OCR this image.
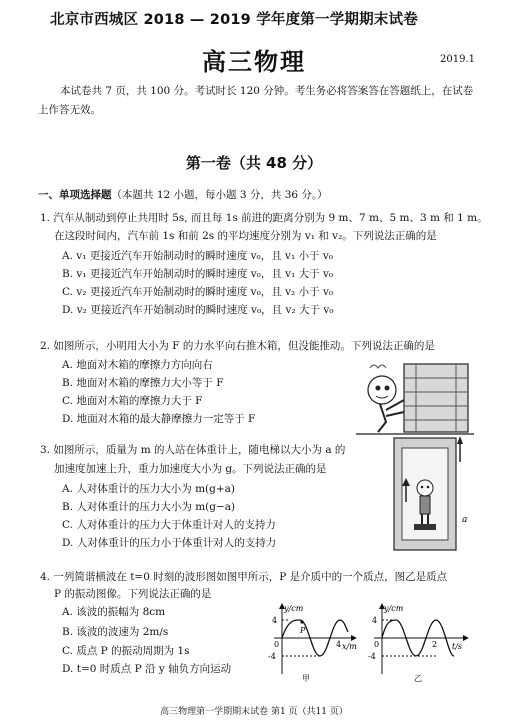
北京市西城区 2018 — 2019 学年度第一学期期末试卷
高三物理	2019.1
本试卷共 7 页，共 100 分。考试时长 120 分钟。考生务必将答案答在答题纸上，在试卷上作答无效。
第一卷（共 48 分）
一、单项选择题（本题共 12 小题，每小题 3 分，共 36 分。）
1. 汽车从制动到停止共用时 5s, 而且每 1s 前进的距离分别为 9 m、7 m、5 m、3 m 和 1 m。
在这段时间内，汽车前 1s 和前 2s 的平均速度分别为 v₁ 和 v₂。下列说法正确的是
A. v₁ 更接近汽车开始制动时的瞬时速度 v₀，且 v₁ 小于 v₀
B. v₁ 更接近汽车开始制动时的瞬时速度 v₀，且 v₁ 大于 v₀
C. v₂ 更接近汽车开始制动时的瞬时速度 v₀，且 v₂ 小于 v₀
D. v₂ 更接近汽车开始制动时的瞬时速度 v₀，且 v₂ 大于 v₀
2. 如图所示，小明用大小为 F 的力水平向右推木箱，但没能推动。下列说法正确的是
A. 地面对木箱的摩擦力方向向右
B. 地面对木箱的摩擦力大小等于 F
C. 地面对木箱的摩擦力大于 F
D. 地面对木箱的最大静摩擦力一定等于 F
3. 如图所示，质量为 m 的人站在体重计上，随电梯以大小为 a 的
加速度加速上升，重力加速度大小为 g。下列说法正确的是
A. 人对体重计的压力大小为 m(g+a)
B. 人对体重计的压力大小为 m(g−a)
C. 人对体重计的压力大于体重计对人的支持力
D. 人对体重计的压力小于体重计对人的支持力
a
4. 一列简谐横波在 t=0 时刻的波形图如图甲所示，P 是介质中的一个质点，图乙是质点
P 的振动图像。下列说法正确的是
A. 该波的振幅为 8cm
B. 该波的波速为 2m/s
C. 质点 P 的振动周期为 1s
D. t=0 时质点 P 沿 y 轴负方向运动
y/cm
4
-4
0	4 x/m
P
甲
y/cm
4
-4
0	2 t/s
乙
高三物理第一学期期末试卷 第1 页（共11 页）
